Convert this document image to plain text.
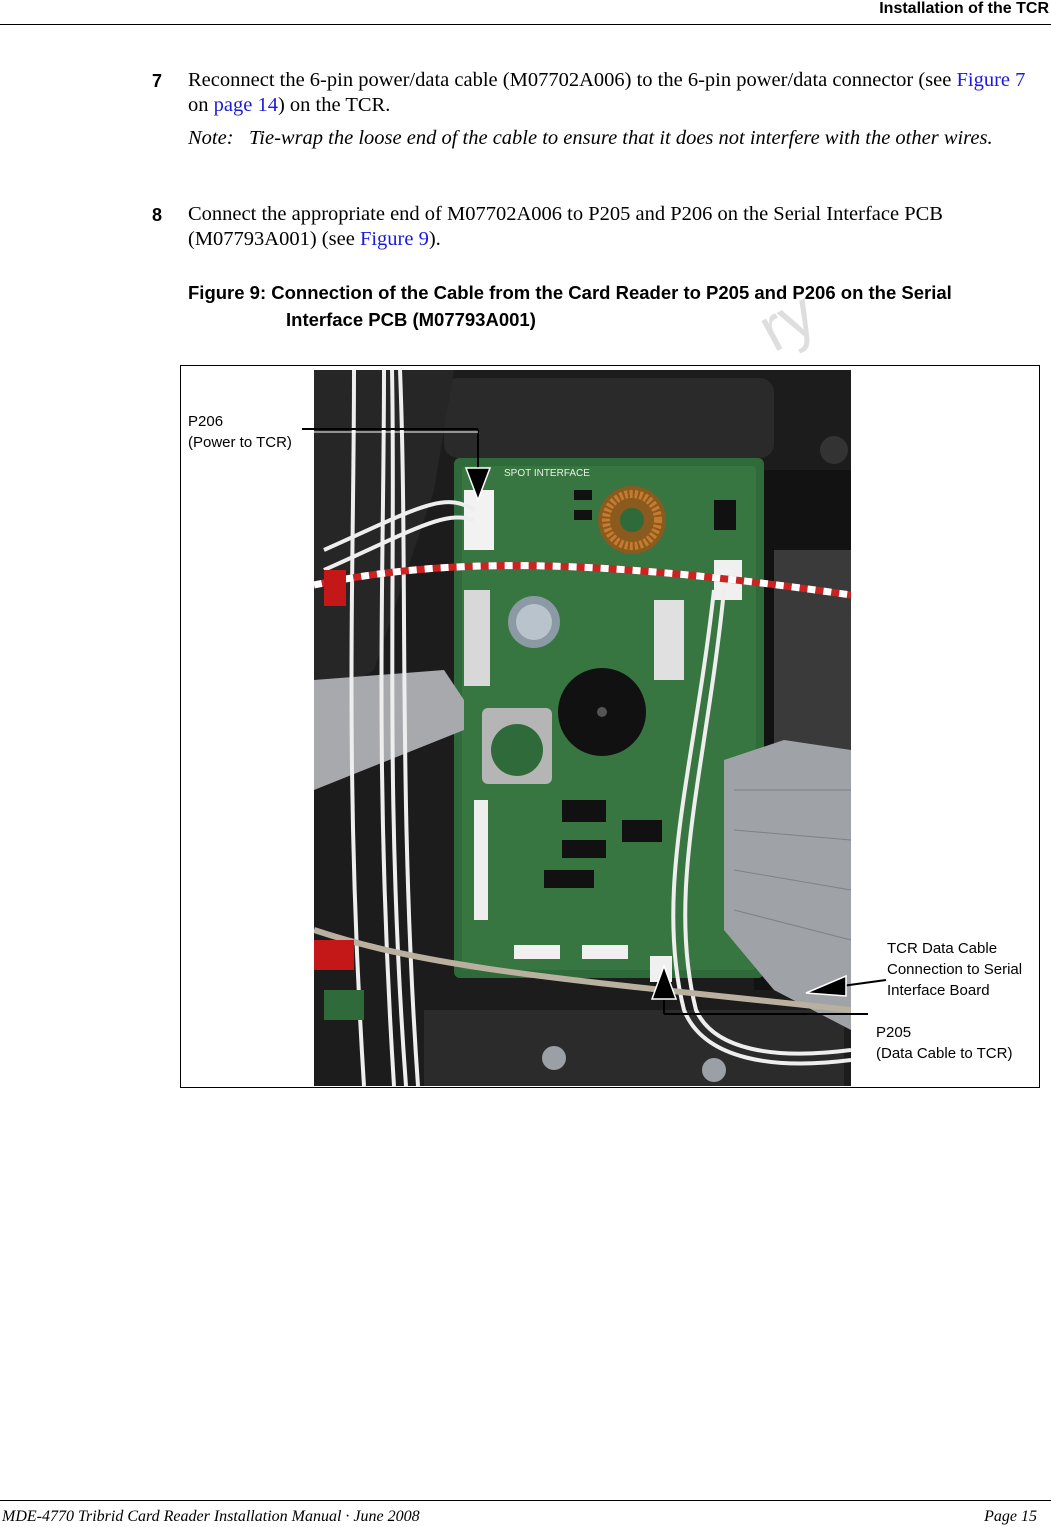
Installation of the TCR
7 Reconnect the 6-pin power/data cable (M07702A006) to the 6-pin power/data connector (see Figure 7 on page 14) on the TCR.
Note: Tie-wrap the loose end of the cable to ensure that it does not interfere with the other wires.
8 Connect the appropriate end of M07702A006 to P205 and P206 on the Serial Interface PCB (M07793A001) (see Figure 9).
Figure 9: Connection of the Cable from the Card Reader to P205 and P206 on the Serial
Interface PCB (M07793A001)	ry
SPOT INTERFACE
P206
(Power to TCR)
TCR Data Cable
Connection to Serial
Interface Board
P205
(Data Cable to TCR)
MDE-4770 Tribrid Card Reader Installation Manual · June 2008	Page 15
